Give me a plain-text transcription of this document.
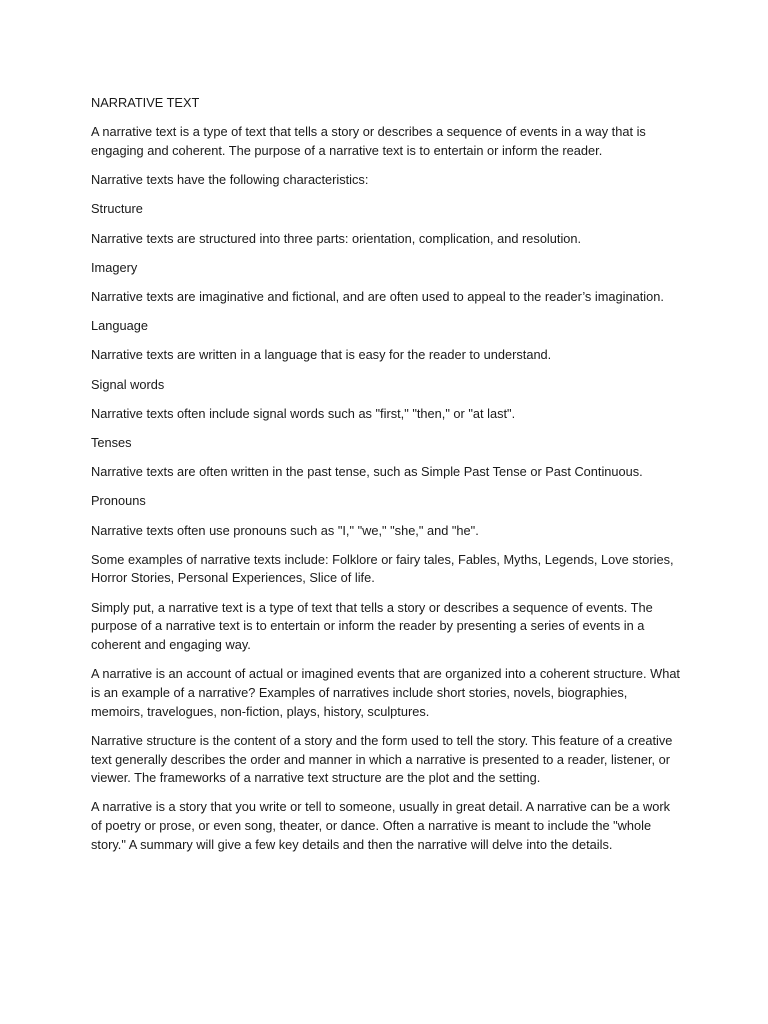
NARRATIVE TEXT

A narrative text is a type of text that tells a story or describes a sequence of events in a way that is engaging and coherent. The purpose of a narrative text is to entertain or inform the reader.

Narrative texts have the following characteristics:

Structure

Narrative texts are structured into three parts: orientation, complication, and resolution.

Imagery

Narrative texts are imaginative and fictional, and are often used to appeal to the reader’s imagination.

Language

Narrative texts are written in a language that is easy for the reader to understand.

Signal words

Narrative texts often include signal words such as "first," "then," or "at last".

Tenses

Narrative texts are often written in the past tense, such as Simple Past Tense or Past Continuous.

Pronouns

Narrative texts often use pronouns such as "I," "we," "she," and "he".

Some examples of narrative texts include: Folklore or fairy tales, Fables, Myths, Legends, Love stories, Horror Stories, Personal Experiences, Slice of life.

Simply put, a narrative text is a type of text that tells a story or describes a sequence of events. The purpose of a narrative text is to entertain or inform the reader by presenting a series of events in a coherent and engaging way.

A narrative is an account of actual or imagined events that are organized into a coherent structure. What is an example of a narrative? Examples of narratives include short stories, novels, biographies, memoirs, travelogues, non-fiction, plays, history, sculptures.

Narrative structure is the content of a story and the form used to tell the story. This feature of a creative text generally describes the order and manner in which a narrative is presented to a reader, listener, or viewer. The frameworks of a narrative text structure are the plot and the setting.

A narrative is a story that you write or tell to someone, usually in great detail. A narrative can be a work of poetry or prose, or even song, theater, or dance. Often a narrative is meant to include the "whole story." A summary will give a few key details and then the narrative will delve into the details.
